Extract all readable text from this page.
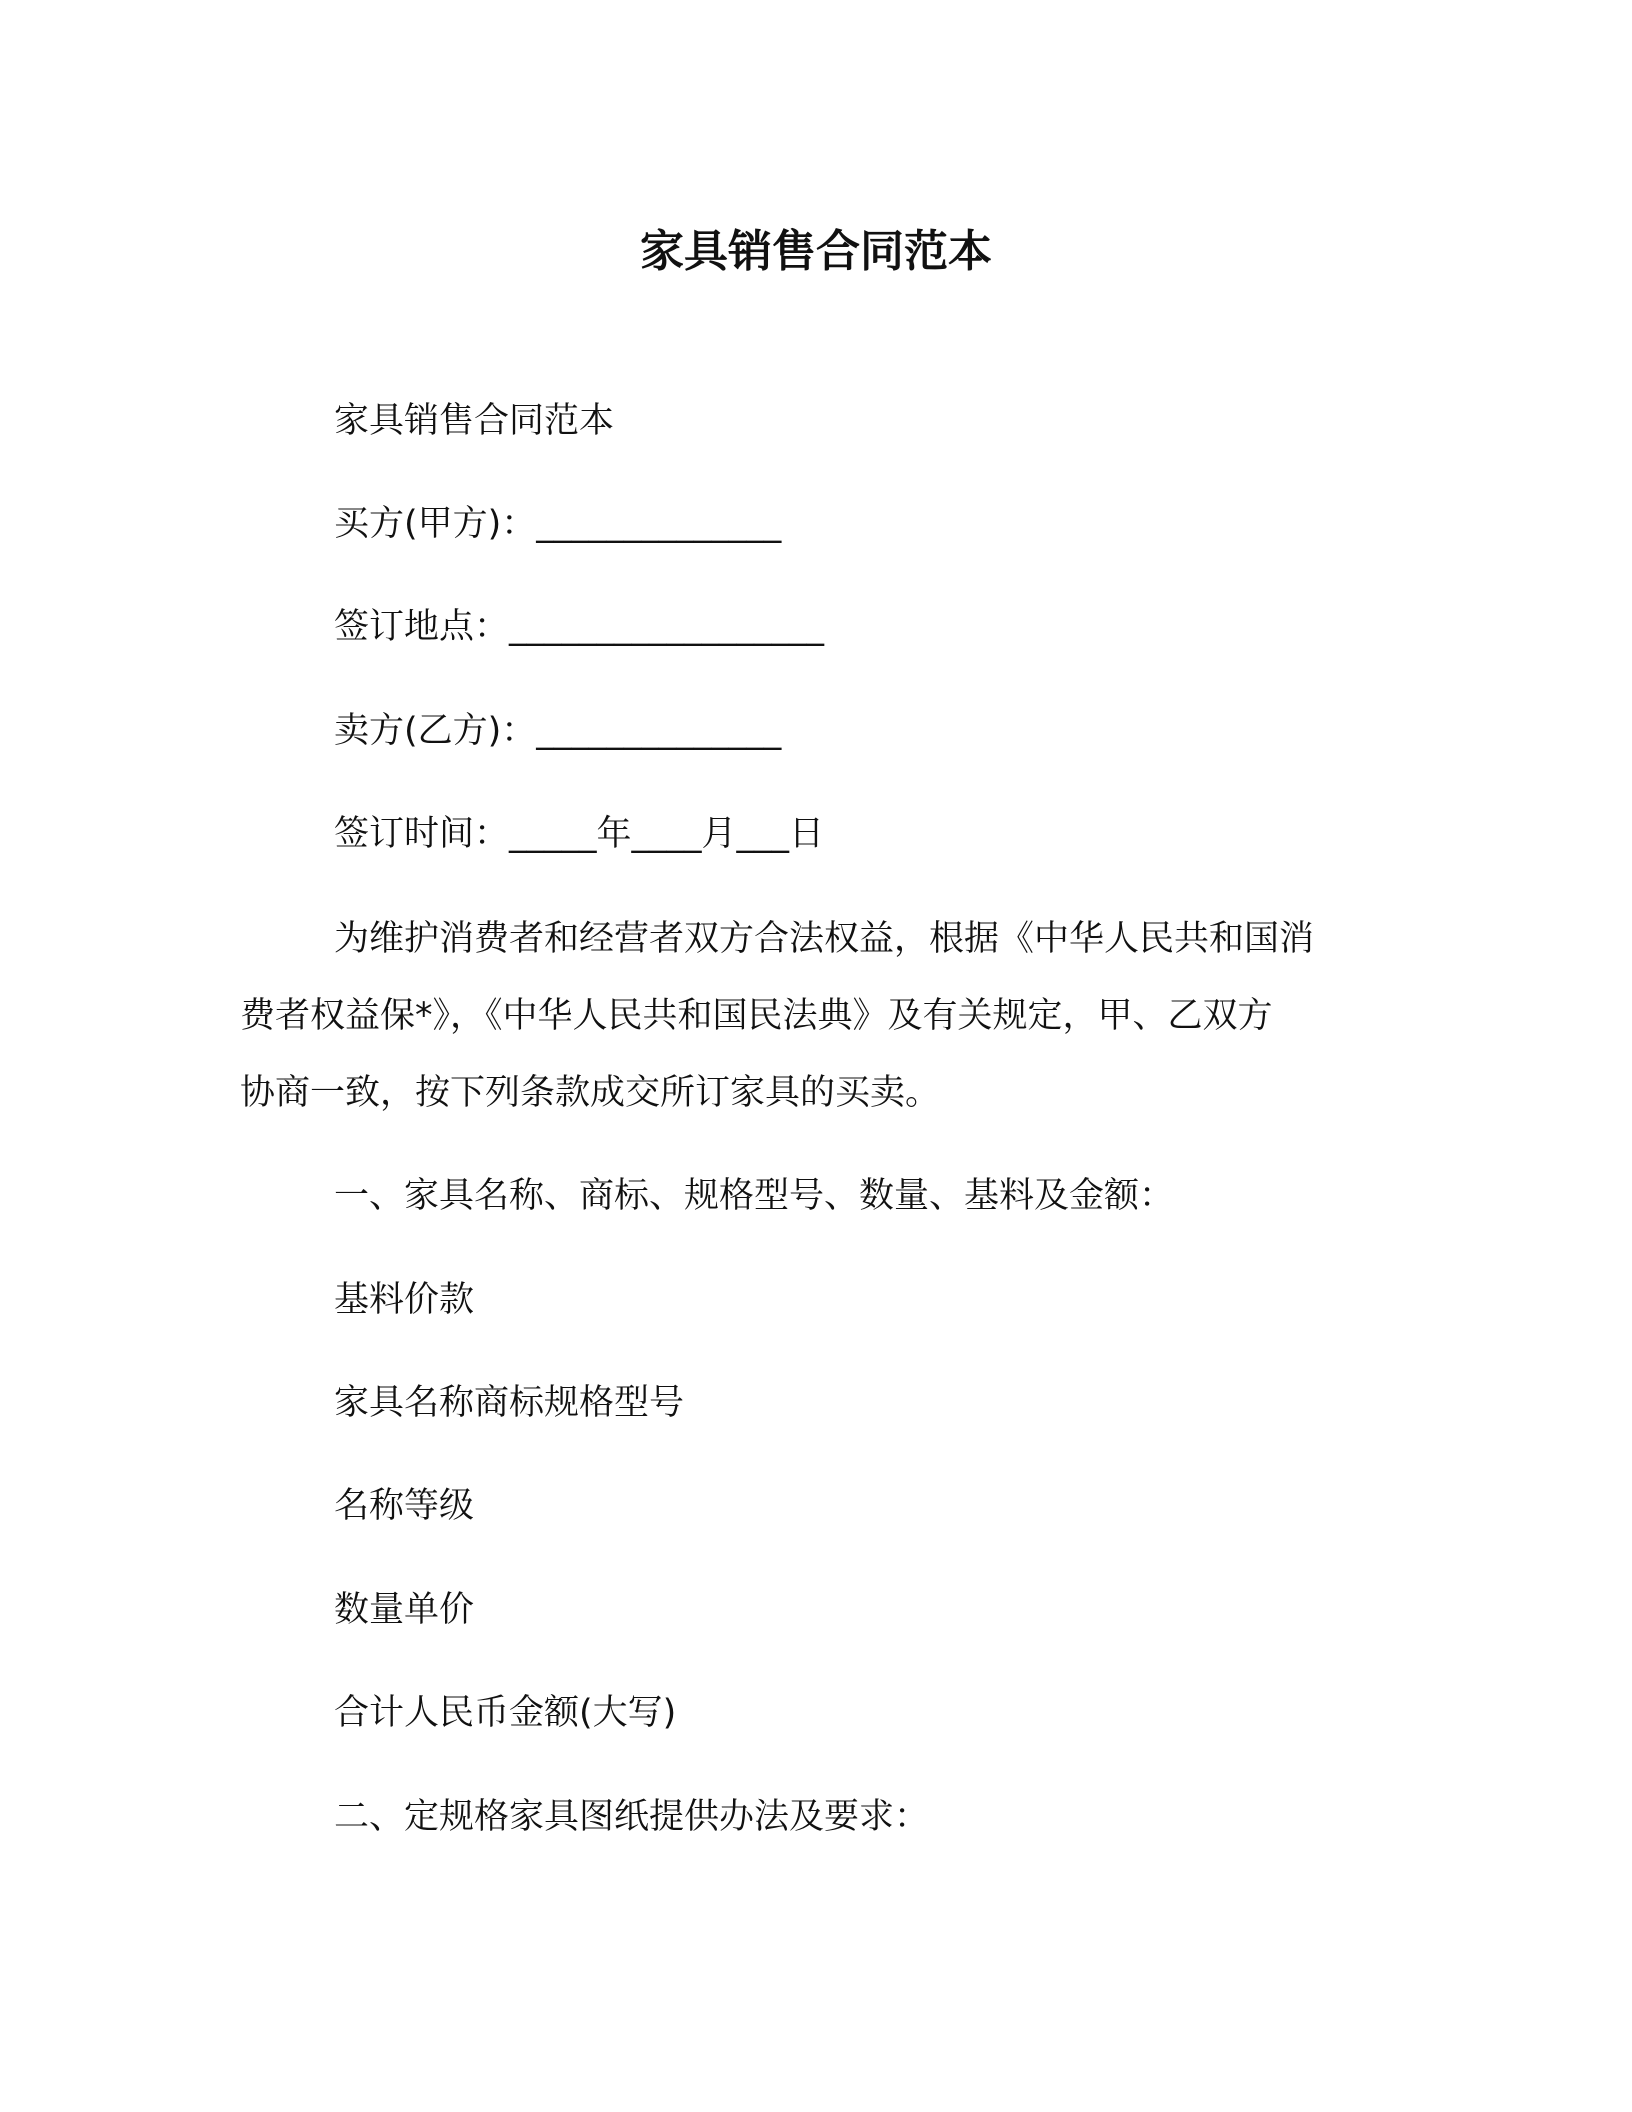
家具销售合同范本
家具销售合同范本
买方(甲方)：______________
签订地点：__________________
卖方(乙方)：______________
签订时间：_____年____月___日
为维护消费者和经营者双方合法权益，根据《中华人民共和国消
费者权益保*》，《中华人民共和国民法典》及有关规定，甲、乙双方
协商一致，按下列条款成交所订家具的买卖。
一、家具名称、商标、规格型号、数量、基料及金额：
基料价款
家具名称商标规格型号
名称等级
数量单价
合计人民币金额(大写)
二、定规格家具图纸提供办法及要求：
